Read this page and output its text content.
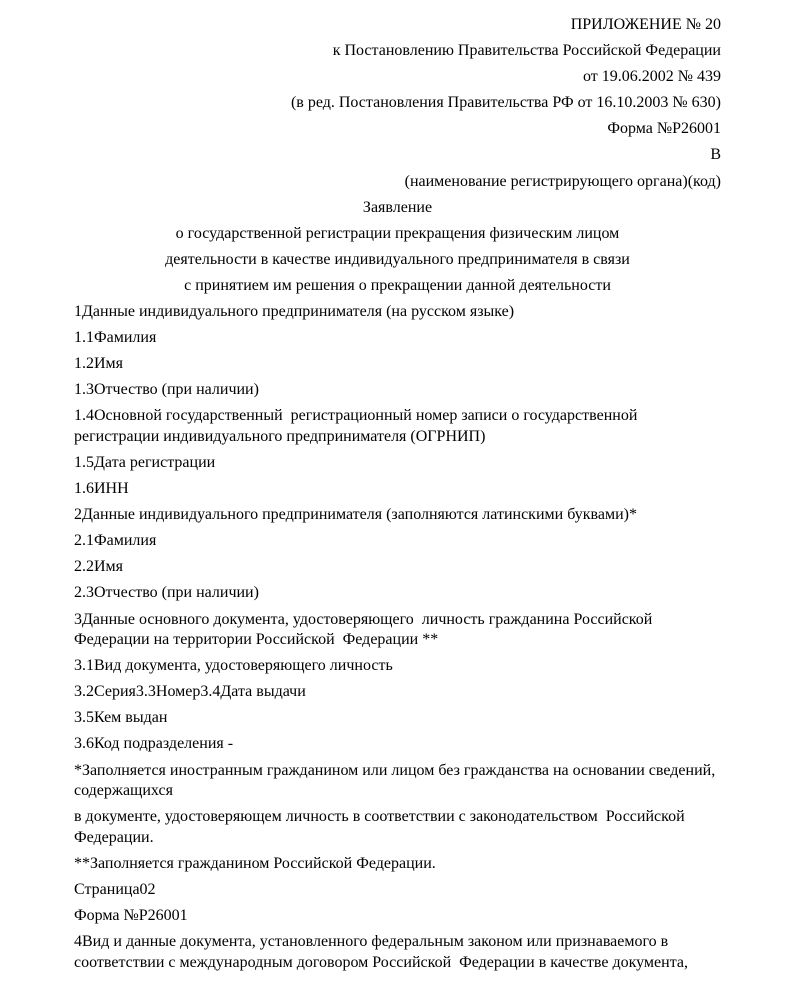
ПРИЛОЖЕНИЕ № 20
к Постановлению Правительства Российской Федерации
от 19.06.2002 № 439
(в ред. Постановления Правительства РФ от 16.10.2003 № 630)
Форма №Р26001
В
(наименование регистрирующего органа)(код)
Заявление
о государственной регистрации прекращения физическим лицом
деятельности в качестве индивидуального предпринимателя в связи
с принятием им решения о прекращении данной деятельности
1Данные индивидуального предпринимателя (на русском языке)
1.1Фамилия
1.2Имя
1.3Отчество (при наличии)
1.4Основной государственный  регистрационный номер записи о государственной
регистрации индивидуального предпринимателя (ОГРНИП)
1.5Дата регистрации
1.6ИНН
2Данные индивидуального предпринимателя (заполняются латинскими буквами)*
2.1Фамилия
2.2Имя
2.3Отчество (при наличии)
3Данные основного документа, удостоверяющего  личность гражданина Российской
Федерации на территории Российской  Федерации **
3.1Вид документа, удостоверяющего личность
3.2Серия3.3Номер3.4Дата выдачи
3.5Кем выдан
3.6Код подразделения -
*Заполняется иностранным гражданином или лицом без гражданства на основании сведений,
содержащихся
в документе, удостоверяющем личность в соответствии с законодательством  Российской
Федерации.
**Заполняется гражданином Российской Федерации.
Страница02
Форма №Р26001
4Вид и данные документа, установленного федеральным законом или признаваемого в
соответствии с международным договором Российской  Федерации в качестве документа,
